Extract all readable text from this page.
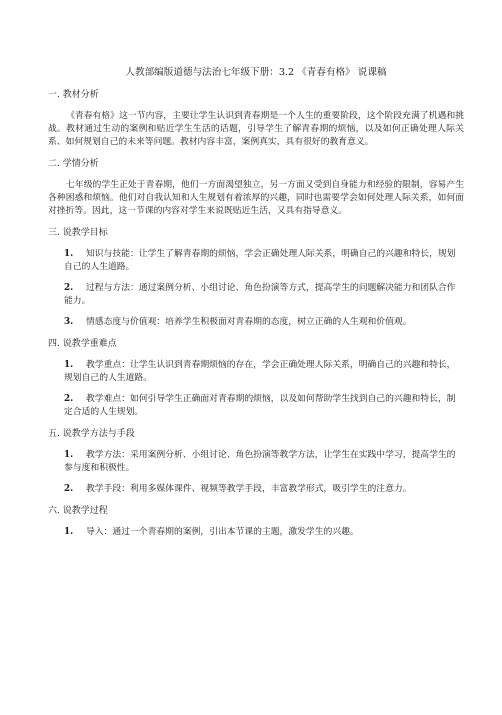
人教部编版道德与法治七年级下册：3.2 《青春有格》 说课稿
一. 教材分析

《青春有格》这一节内容，主要让学生认识到青春期是一个人生的重要阶段，这个阶段充满了机遇和挑战。教材通过生动的案例和贴近学生生活的话题，引导学生了解青春期的烦恼，以及如何正确处理人际关系、如何规划自己的未来等问题。教材内容丰富，案例真实，具有很好的教育意义。

二. 学情分析

七年级的学生正处于青春期，他们一方面渴望独立，另一方面又受到自身能力和经验的限制，容易产生各种困惑和烦恼。他们对自我认知和人生规划有着浓厚的兴趣，同时也需要学会如何处理人际关系，如何面对挫折等。因此，这一节课的内容对学生来说既贴近生活，又具有指导意义。

三. 说教学目标
1. 知识与技能：让学生了解青春期的烦恼，学会正确处理人际关系，明确自己的兴趣和特长，规划自己的人生道路。
2. 过程与方法：通过案例分析、小组讨论、角色扮演等方式，提高学生的问题解决能力和团队合作能力。
3. 情感态度与价值观：培养学生积极面对青春期的态度，树立正确的人生观和价值观。
四. 说教学重难点
1. 教学重点：让学生认识到青春期烦恼的存在，学会正确处理人际关系，明确自己的兴趣和特长，规划自己的人生道路。
2. 教学难点：如何引导学生正确面对青春期的烦恼，以及如何帮助学生找到自己的兴趣和特长，制定合适的人生规划。
五. 说教学方法与手段
1. 教学方法：采用案例分析、小组讨论、角色扮演等教学方法，让学生在实践中学习，提高学生的参与度和积极性。
2. 教学手段：利用多媒体课件、视频等教学手段，丰富教学形式，吸引学生的注意力。
六. 说教学过程
1. 导入：通过一个青春期的案例，引出本节课的主题，激发学生的兴趣。
